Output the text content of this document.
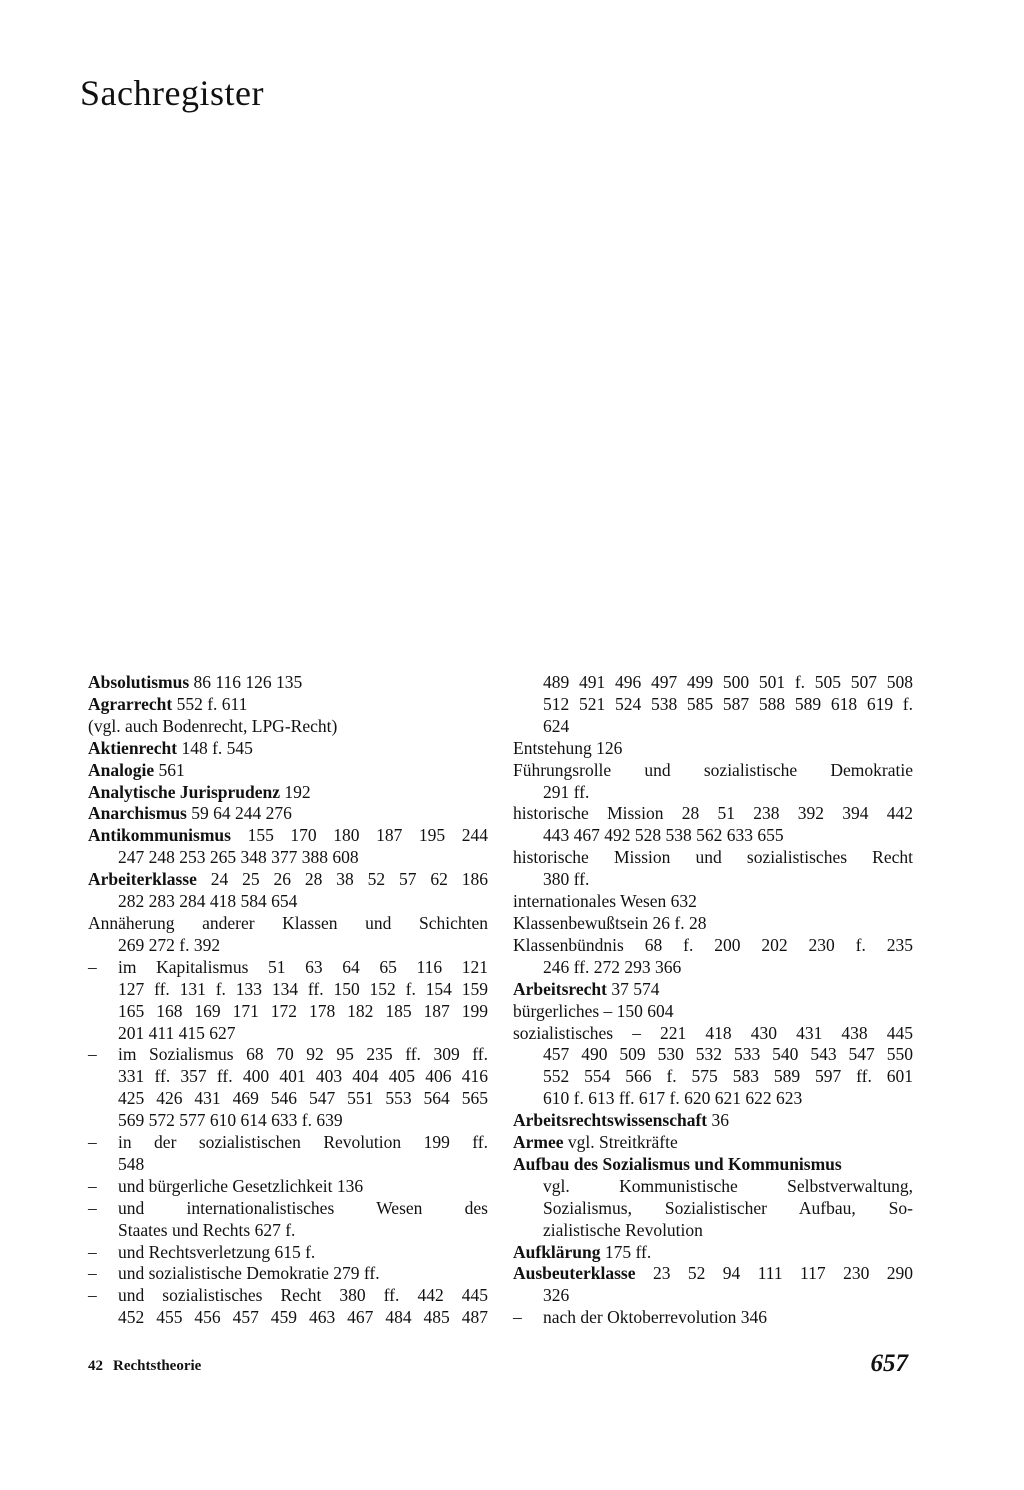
Sachregister
Absolutismus 86 116 126 135
Agrarrecht 552 f. 611
(vgl. auch Bodenrecht, LPG-Recht)
Aktienrecht 148 f. 545
Analogie 561
Analytische Jurisprudenz 192
Anarchismus 59 64 244 276
Antikommunismus 155 170 180 187 195 244
247 248 253 265 348 377 388 608
Arbeiterklasse 24 25 26 28 38 52 57 62 186
282 283 284 418 584 654
Annäherung anderer Klassen und Schichten
269 272 f. 392
– im Kapitalismus 51 63 64 65 116 121
127 ff. 131 f. 133 134 ff. 150 152 f. 154 159
165 168 169 171 172 178 182 185 187 199
201 411 415 627
– im Sozialismus 68 70 92 95 235 ff. 309 ff.
331 ff. 357 ff. 400 401 403 404 405 406 416
425 426 431 469 546 547 551 553 564 565
569 572 577 610 614 633 f. 639
– in der sozialistischen Revolution 199 ff.
548
– und bürgerliche Gesetzlichkeit 136
– und internationalistisches Wesen des
Staates und Rechts 627 f.
– und Rechtsverletzung 615 f.
– und sozialistische Demokratie 279 ff.
– und sozialistisches Recht 380 ff. 442 445
452 455 456 457 459 463 467 484 485 487
489 491 496 497 499 500 501 f. 505 507 508
512 521 524 538 585 587 588 589 618 619 f.
624
Entstehung 126
Führungsrolle und sozialistische Demokratie
291 ff.
historische Mission 28 51 238 392 394 442
443 467 492 528 538 562 633 655
historische Mission und sozialistisches Recht
380 ff.
internationales Wesen 632
Klassenbewußtsein 26 f. 28
Klassenbündnis 68 f. 200 202 230 f. 235
246 ff. 272 293 366
Arbeitsrecht 37 574
bürgerliches – 150 604
sozialistisches – 221 418 430 431 438 445
457 490 509 530 532 533 540 543 547 550
552 554 566 f. 575 583 589 597 ff. 601
610 f. 613 ff. 617 f. 620 621 622 623
Arbeitsrechtswissenschaft 36
Armee vgl. Streitkräfte
Aufbau des Sozialismus und Kommunismus
vgl. Kommunistische Selbstverwaltung,
Sozialismus, Sozialistischer Aufbau, So-
zialistische Revolution
Aufklärung 175 ff.
Ausbeuterklasse 23 52 94 111 117 230 290
326
– nach der Oktoberrevolution 346
42 Rechtstheorie	657
